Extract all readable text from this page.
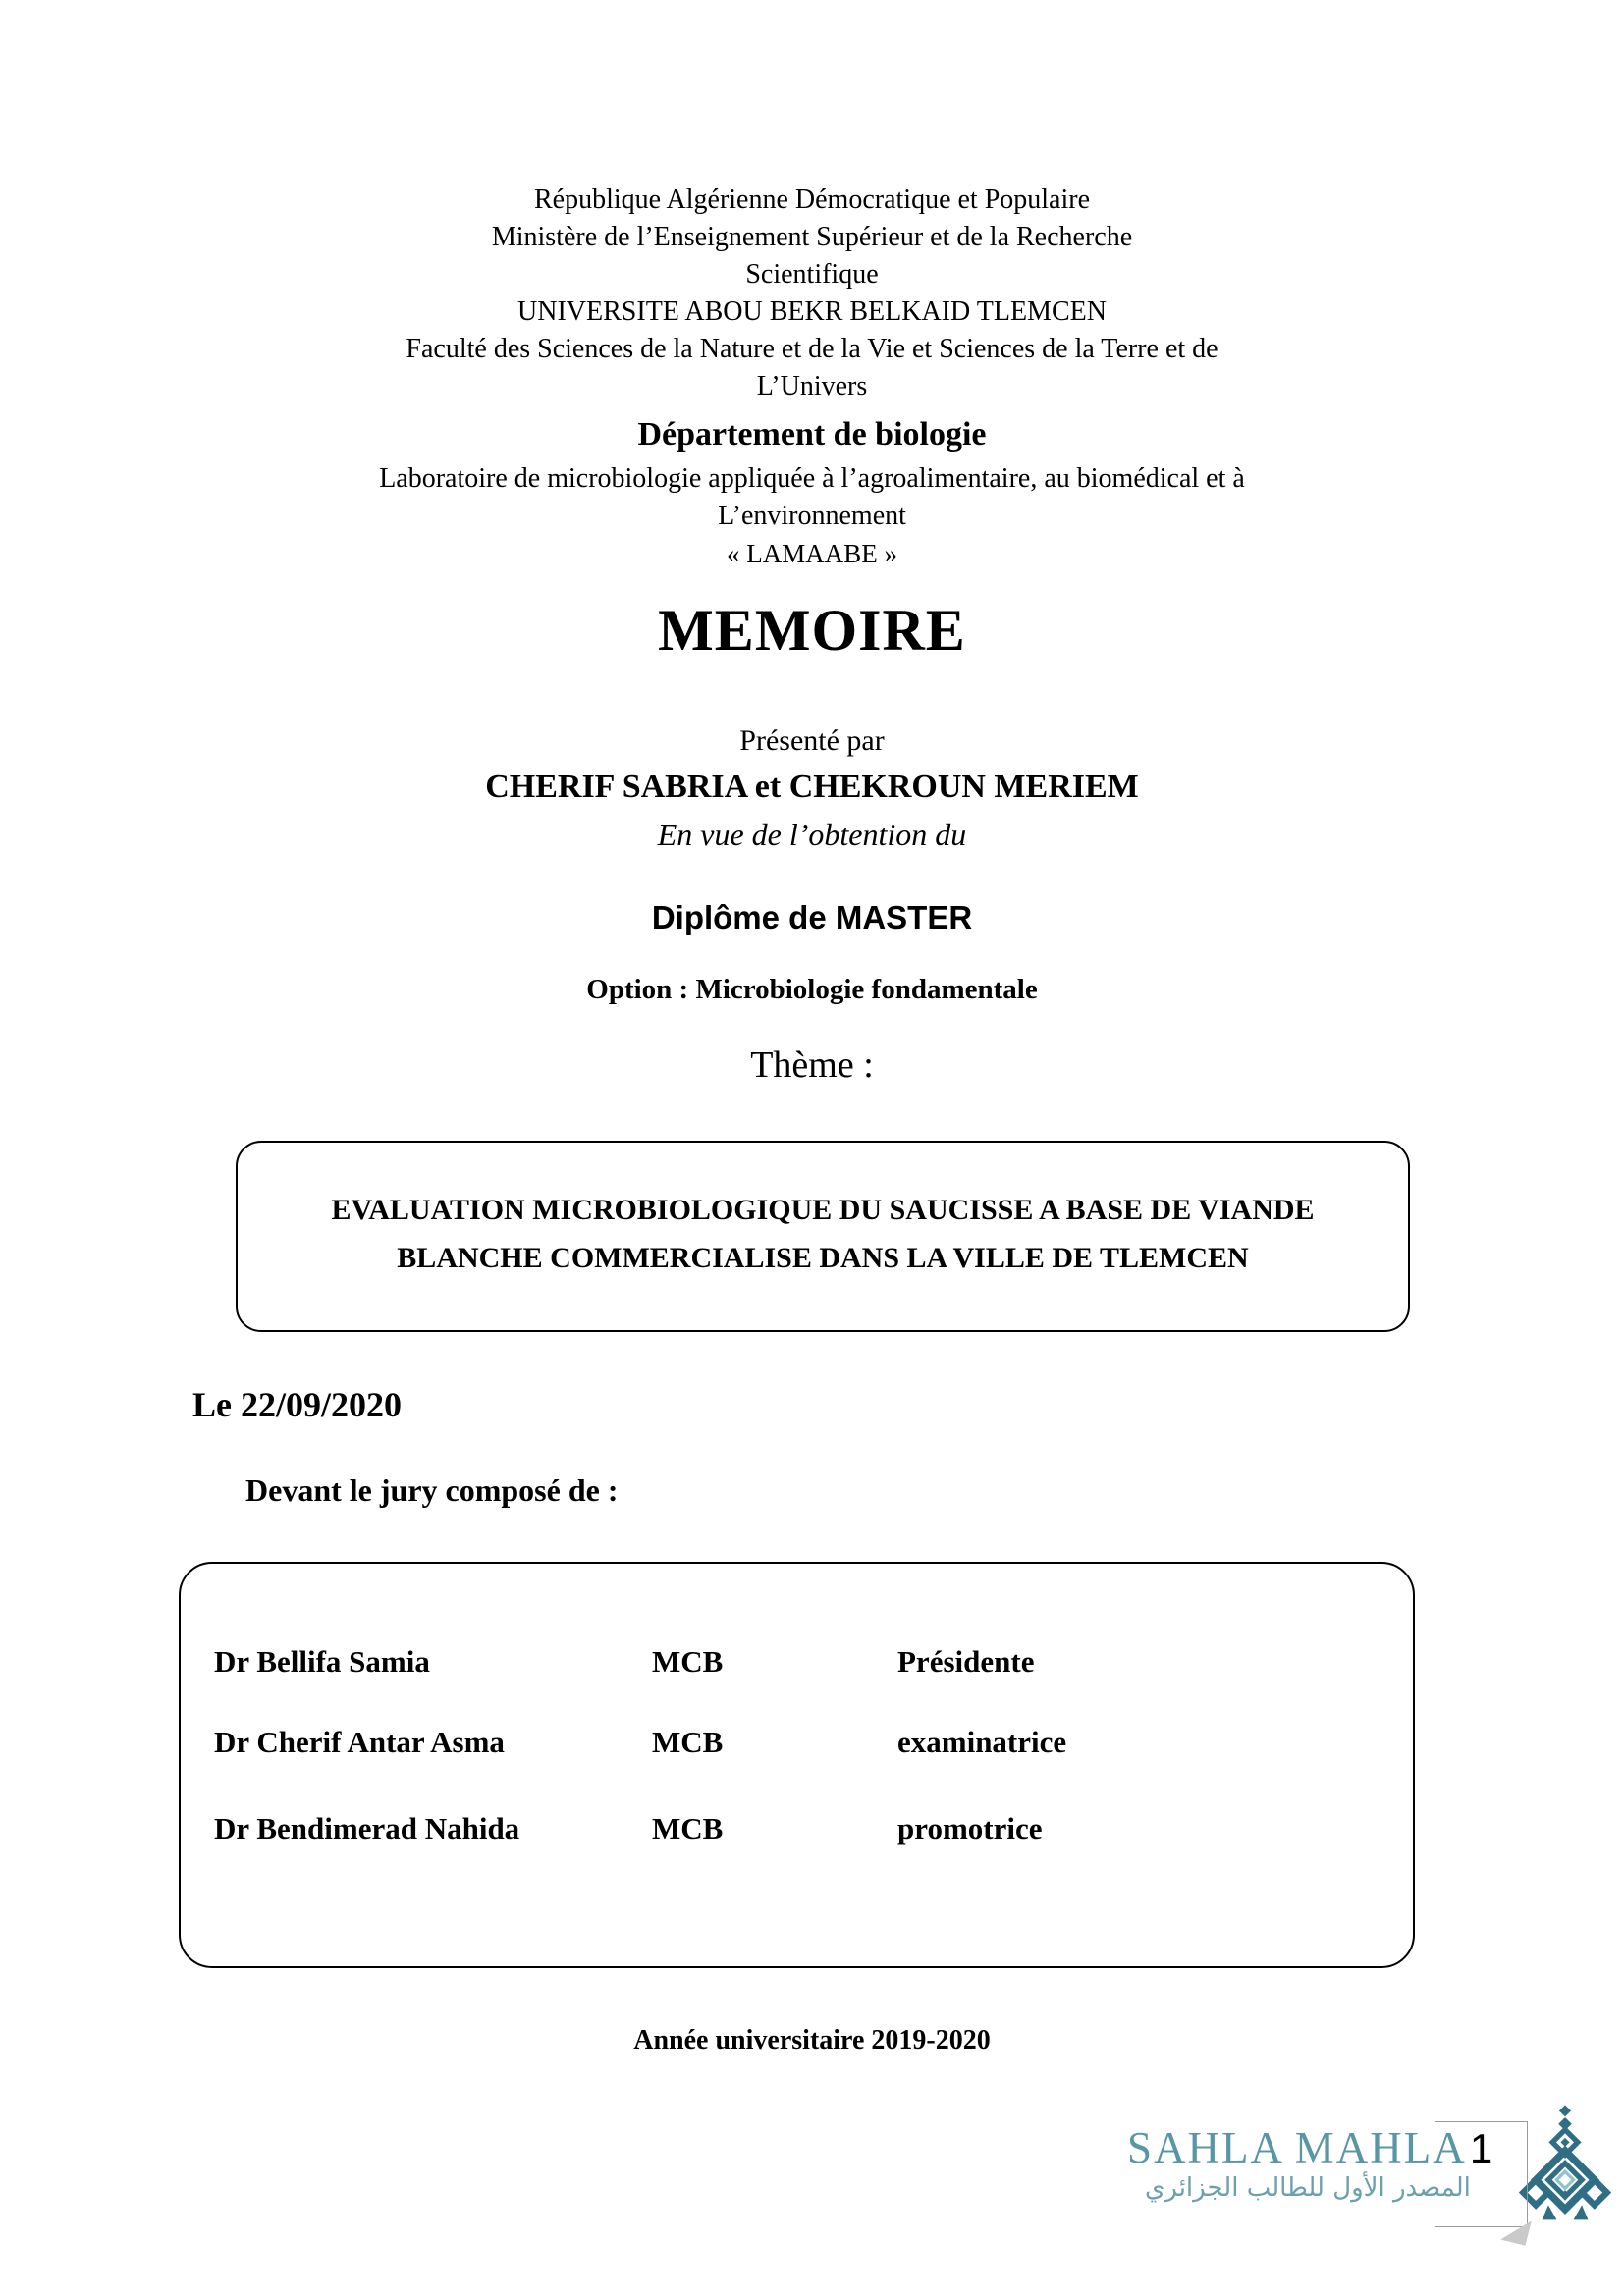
République Algérienne Démocratique et Populaire
Ministère de l’Enseignement Supérieur et de la Recherche
Scientifique
UNIVERSITE ABOU BEKR BELKAID TLEMCEN
Faculté des Sciences de la Nature et de la Vie et Sciences de la Terre et de
L’Univers
Département de biologie
Laboratoire de microbiologie appliquée à l’agroalimentaire, au biomédical et à
L’environnement
« LAMAABE »
MEMOIRE
Présenté par
CHERIF SABRIA et CHEKROUN MERIEM
En vue de l’obtention du
Diplôme de MASTER
Option : Microbiologie fondamentale
Thème :
EVALUATION MICROBIOLOGIQUE DU SAUCISSE A BASE DE VIANDE BLANCHE COMMERCIALISE DANS LA VILLE DE TLEMCEN
Le 22/09/2020
Devant le jury composé de :
Dr Bellifa Samia	MCB	Présidente
Dr Cherif Antar Asma	MCB	examinatrice
Dr Bendimerad Nahida	MCB	promotrice
Année universitaire 2019-2020
SAHLA MAHLA
المصدر الأول للطالب الجزائري
1
